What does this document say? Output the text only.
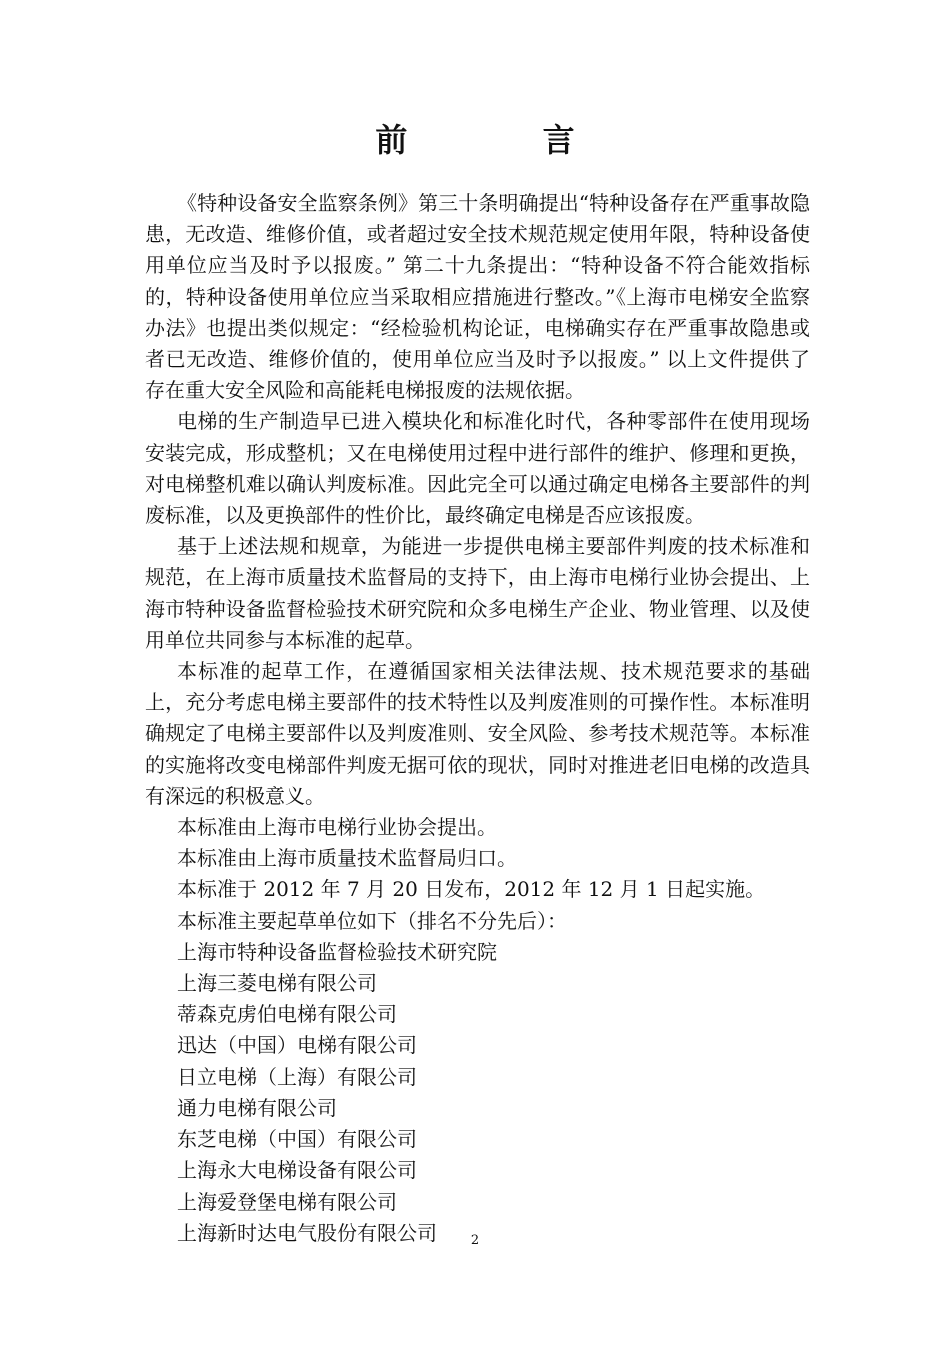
前 言

《特种设备安全监察条例》第三十条明确提出“特种设备存在严重事故隐患，无改造、维修价值，或者超过安全技术规范规定使用年限，特种设备使用单位应当及时予以报废。” 第二十九条提出：“特种设备不符合能效指标的，特种设备使用单位应当采取相应措施进行整改。”《上海市电梯安全监察办法》也提出类似规定：“经检验机构论证，电梯确实存在严重事故隐患或者已无改造、维修价值的，使用单位应当及时予以报废。” 以上文件提供了存在重大安全风险和高能耗电梯报废的法规依据。

电梯的生产制造早已进入模块化和标准化时代，各种零部件在使用现场安装完成，形成整机；又在电梯使用过程中进行部件的维护、修理和更换，对电梯整机难以确认判废标准。因此完全可以通过确定电梯各主要部件的判废标准，以及更换部件的性价比，最终确定电梯是否应该报废。

基于上述法规和规章，为能进一步提供电梯主要部件判废的技术标准和规范，在上海市质量技术监督局的支持下，由上海市电梯行业协会提出、上海市特种设备监督检验技术研究院和众多电梯生产企业、物业管理、以及使用单位共同参与本标准的起草。

本标准的起草工作，在遵循国家相关法律法规、技术规范要求的基础上，充分考虑电梯主要部件的技术特性以及判废准则的可操作性。本标准明确规定了电梯主要部件以及判废准则、安全风险、参考技术规范等。本标准的实施将改变电梯部件判废无据可依的现状，同时对推进老旧电梯的改造具有深远的积极意义。

本标准由上海市电梯行业协会提出。

本标准由上海市质量技术监督局归口。

本标准于 2012 年 7 月 20 日发布，2012 年 12 月 1 日起实施。

本标准主要起草单位如下（排名不分先后）：

上海市特种设备监督检验技术研究院

上海三菱电梯有限公司

蒂森克虏伯电梯有限公司

迅达（中国）电梯有限公司

日立电梯（上海）有限公司

通力电梯有限公司

东芝电梯（中国）有限公司

上海永大电梯设备有限公司

上海爱登堡电梯有限公司

上海新时达电气股份有限公司	2
